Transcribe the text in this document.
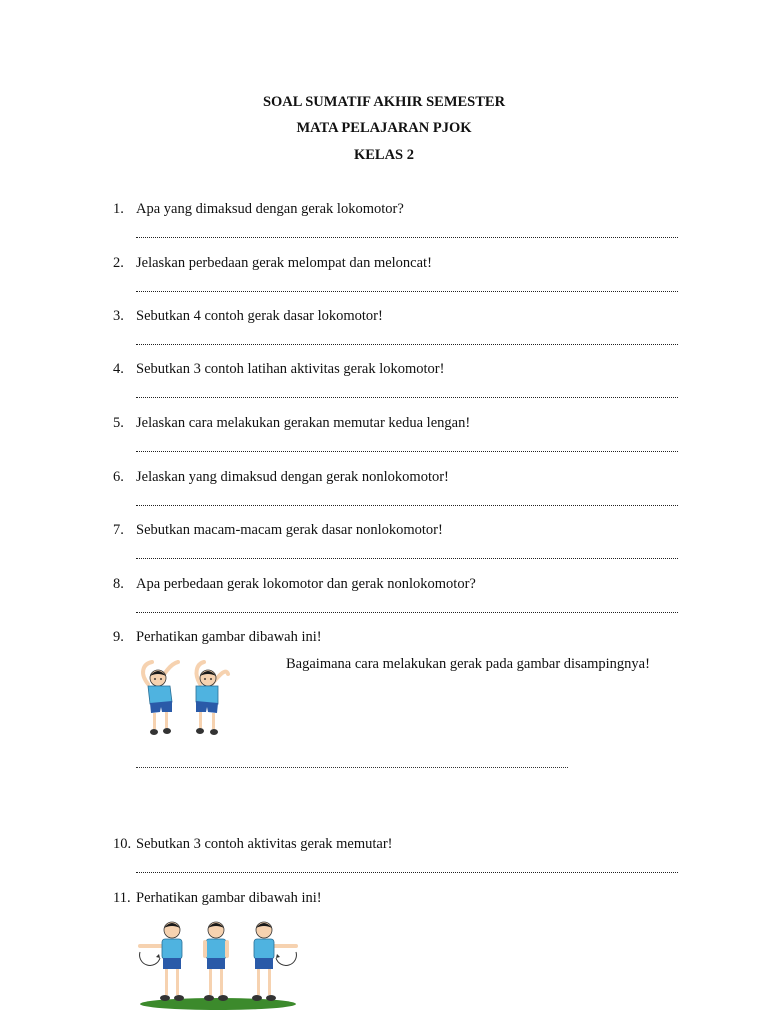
SOAL SUMATIF AKHIR SEMESTER
MATA PELAJARAN PJOK
KELAS 2
1. Apa yang dimaksud dengan gerak lokomotor?
2. Jelaskan perbedaan gerak melompat dan meloncat!
3. Sebutkan 4 contoh gerak dasar lokomotor!
4. Sebutkan 3 contoh latihan aktivitas gerak lokomotor!
5. Jelaskan cara melakukan gerakan memutar kedua lengan!
6. Jelaskan yang dimaksud dengan gerak nonlokomotor!
7. Sebutkan macam-macam gerak dasar nonlokomotor!
8. Apa perbedaan gerak lokomotor dan gerak nonlokomotor?
9. Perhatikan gambar dibawah ini!
Bagaimana cara melakukan gerak pada gambar disampingnya!
10. Sebutkan 3 contoh aktivitas gerak memutar!
11. Perhatikan gambar dibawah ini!
